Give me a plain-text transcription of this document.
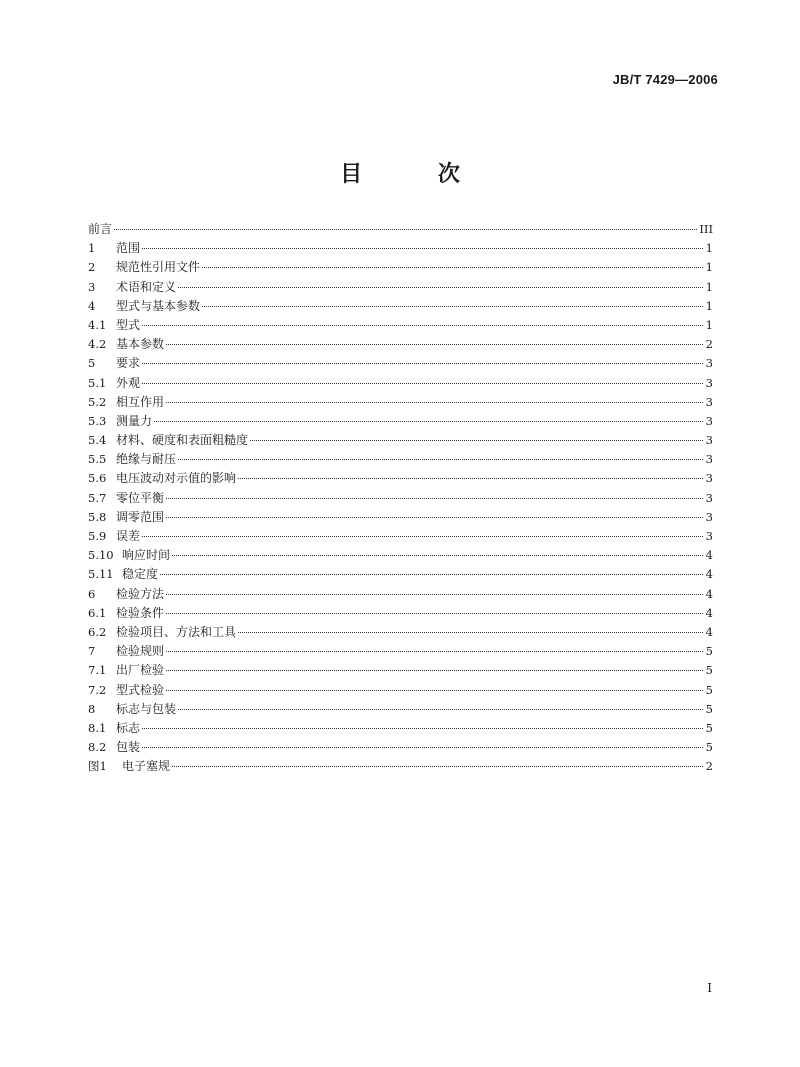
JB/T 7429—2006
目 次
前言	III
1	范围	1
2	规范性引用文件	1
3	术语和定义	1
4	型式与基本参数	1
4.1 型式	1
4.2 基本参数	2
5	要求	3
5.1 外观	3
5.2 相互作用	3
5.3 测量力	3
5.4 材料、硬度和表面粗糙度	3
5.5 绝缘与耐压	3
5.6 电压波动对示值的影响	3
5.7 零位平衡	3
5.8 调零范围	3
5.9 误差	3
5.10 响应时间	4
5.11 稳定度	4
6	检验方法	4
6.1 检验条件	4
6.2 检验项目、方法和工具	4
7	检验规则	5
7.1 出厂检验	5
7.2 型式检验	5
8	标志与包装	5
8.1 标志	5
8.2 包装	5
图1	电子塞规	2
I
